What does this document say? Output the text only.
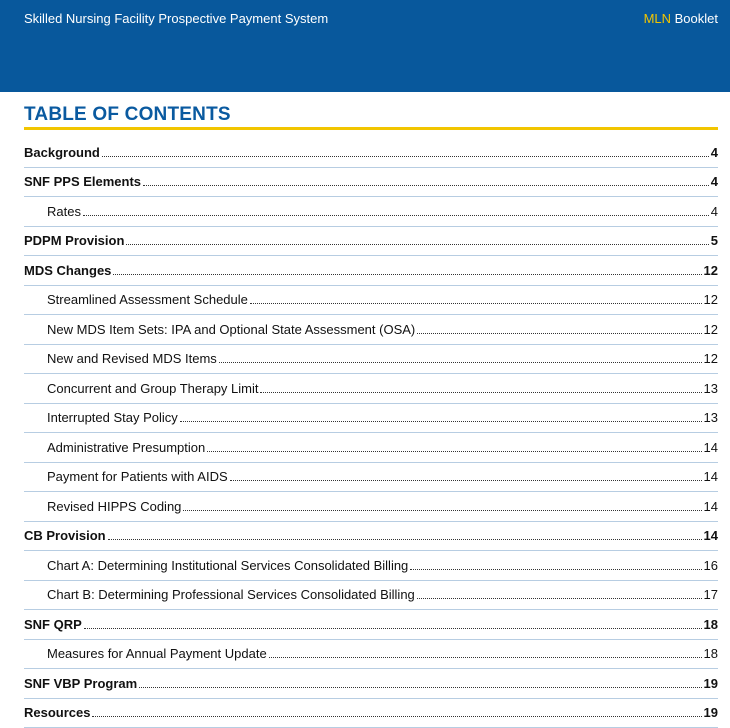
Skilled Nursing Facility Prospective Payment System	MLN Booklet
TABLE OF CONTENTS
Background	4
SNF PPS Elements	4
Rates	4
PDPM Provision	5
MDS Changes	12
Streamlined Assessment Schedule	12
New MDS Item Sets: IPA and Optional State Assessment (OSA)	12
New and Revised MDS Items	12
Concurrent and Group Therapy Limit	13
Interrupted Stay Policy	13
Administrative Presumption	14
Payment for Patients with AIDS	14
Revised HIPPS Coding	14
CB Provision	14
Chart A: Determining Institutional Services Consolidated Billing	16
Chart B: Determining Professional Services Consolidated Billing	17
SNF QRP	18
Measures for Annual Payment Update	18
SNF VBP Program	19
Resources	19
